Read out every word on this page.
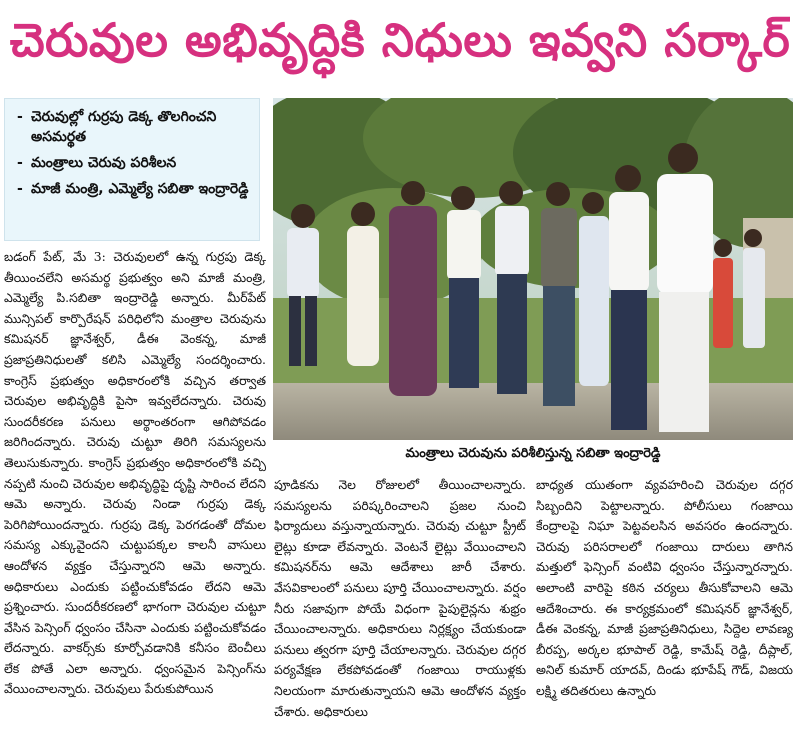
చెరువుల అభివృద్ధికి నిధులు ఇవ్వని సర్కార్
- చెరువుల్లో గుర్రపు డెక్క తొలగించని అసమర్థత
- మంత్రాలు చెరువు పరిశీలన
- మాజీ మంత్రి, ఎమ్మెల్యే సబితా ఇంద్రారెడ్డి
మంత్రాలు చెరువును పరిశీలిస్తున్న సబితా ఇంద్రారెడ్డి

బడంగ్ పేట్, మే 3: చెరువులలో ఉన్న గుర్రపు డెక్క తీయించలేని అసమర్థ ప్రభుత్వం అని మాజీ మంత్రి, ఎమ్మెల్యే పి.సబితా ఇంద్రారెడ్డి అన్నారు. మీర్‌పేట్ మున్సిపల్ కార్పొరేషన్ పరిధిలోని మంత్రాల చెరువును కమిషనర్ జ్ఞానేశ్వర్, డీఈ వెంకన్న, మాజీ ప్రజాప్రతినిధులతో కలిసి ఎమ్మెల్యే సందర్శించారు. కాంగ్రెస్ ప్రభుత్వం అధికారంలోకి వచ్చిన తర్వాత చెరువుల అభివృద్ధికి పైసా ఇవ్వలేదన్నారు. చెరువు సుందరీకరణ పనులు అర్థాంతరంగా ఆగిపోవడం జరిగిందన్నారు. చెరువు చుట్టూ తిరిగి సమస్యలను తెలుసుకున్నారు. కాంగ్రెస్ ప్రభుత్వం అధికారంలోకి వచ్చి నప్పటి నుంచి చెరువుల అభివృద్ధిపై దృష్టి సారించ లేదని ఆమె అన్నారు. చెరువు నిండా గుర్రపు డెక్క పెరిగిపోయిందన్నారు. గుర్రపు డెక్క పెరగడంతో దోమల సమస్య ఎక్కువైందని చుట్టుపక్కల కాలనీ వాసులు ఆందోళన వ్యక్తం చేస్తున్నారని ఆమె అన్నారు. అధికారులు ఎందుకు పట్టించుకోవడం లేదని ఆమె ప్రశ్నించారు. సుందరీకరణలో భాగంగా చెరువుల చుట్టూ వేసిన పెన్సింగ్ ధ్వంసం చేసినా ఎందుకు పట్టించుకోవడం లేదన్నారు. వాకర్స్‌కు కూర్చోవడానికి కనీసం బెంచీలు లేక పోతే ఎలా అన్నారు. ధ్వంసమైన పెన్సింగ్‌ను వేయించాలన్నారు. చెరువులు పేరుకుపోయిన

పూడికను నెల రోజులలో తీయించాలన్నారు. సమస్యలను పరిష్కరించాలని ప్రజల నుంచి ఫిర్యాదులు వస్తున్నాయన్నారు. చెరువు చుట్టూ స్ట్రీట్ లైట్లు కూడా లేవన్నారు. వెంటనే లైట్లు వేయించాలని కమిషనర్‌ను ఆమె ఆదేశాలు జారీ చేశారు. వేసవికాలంలో పనులు పూర్తి చేయించాలన్నారు. వర్షం నీరు సజావుగా పోయే విధంగా పైపులైన్లను శుభ్రం చేయించాలన్నారు. అధికారులు నిర్లక్ష్యం చేయకుండా పనులు త్వరగా పూర్తి చేయాలన్నారు. చెరువుల దగ్గర పర్యవేక్షణ లేకపోవడంతో గంజాయి రాయుళ్లకు నిలయంగా మారుతున్నాయని ఆమె ఆందోళన వ్యక్తం చేశారు. అధికారులు

బాధ్యత యుతంగా వ్యవహరించి చెరువుల దగ్గర సిబ్బందిని పెట్టాలన్నారు. పోలీసులు గంజాయి కేంద్రాలపై నిఘా పెట్టవలసిన అవసరం ఉందన్నారు. చెరువు పరిసరాలలో గంజాయి దారులు తాగిన మత్తులో ఫెన్సింగ్ వంటివి ధ్వంసం చేస్తున్నారన్నారు. అలాంటి వారిపై కఠిన చర్యలు తీసుకోవాలని ఆమె ఆదేశించారు. ఈ కార్యక్రమంలో కమిషనర్ జ్ఞానేశ్వర్, డీఈ వెంకన్న, మాజీ ప్రజాప్రతినిధులు, సిద్దెల లావణ్య బీరప్ప, అర్కల భూపాల్ రెడ్డి, కామేష్ రెడ్డి, దీప్లాల్, అనిల్ కుమార్ యాదవ్, దిండు భూపేష్ గౌడ్, విజయ లక్ష్మి తదితరులు ఉన్నారు
